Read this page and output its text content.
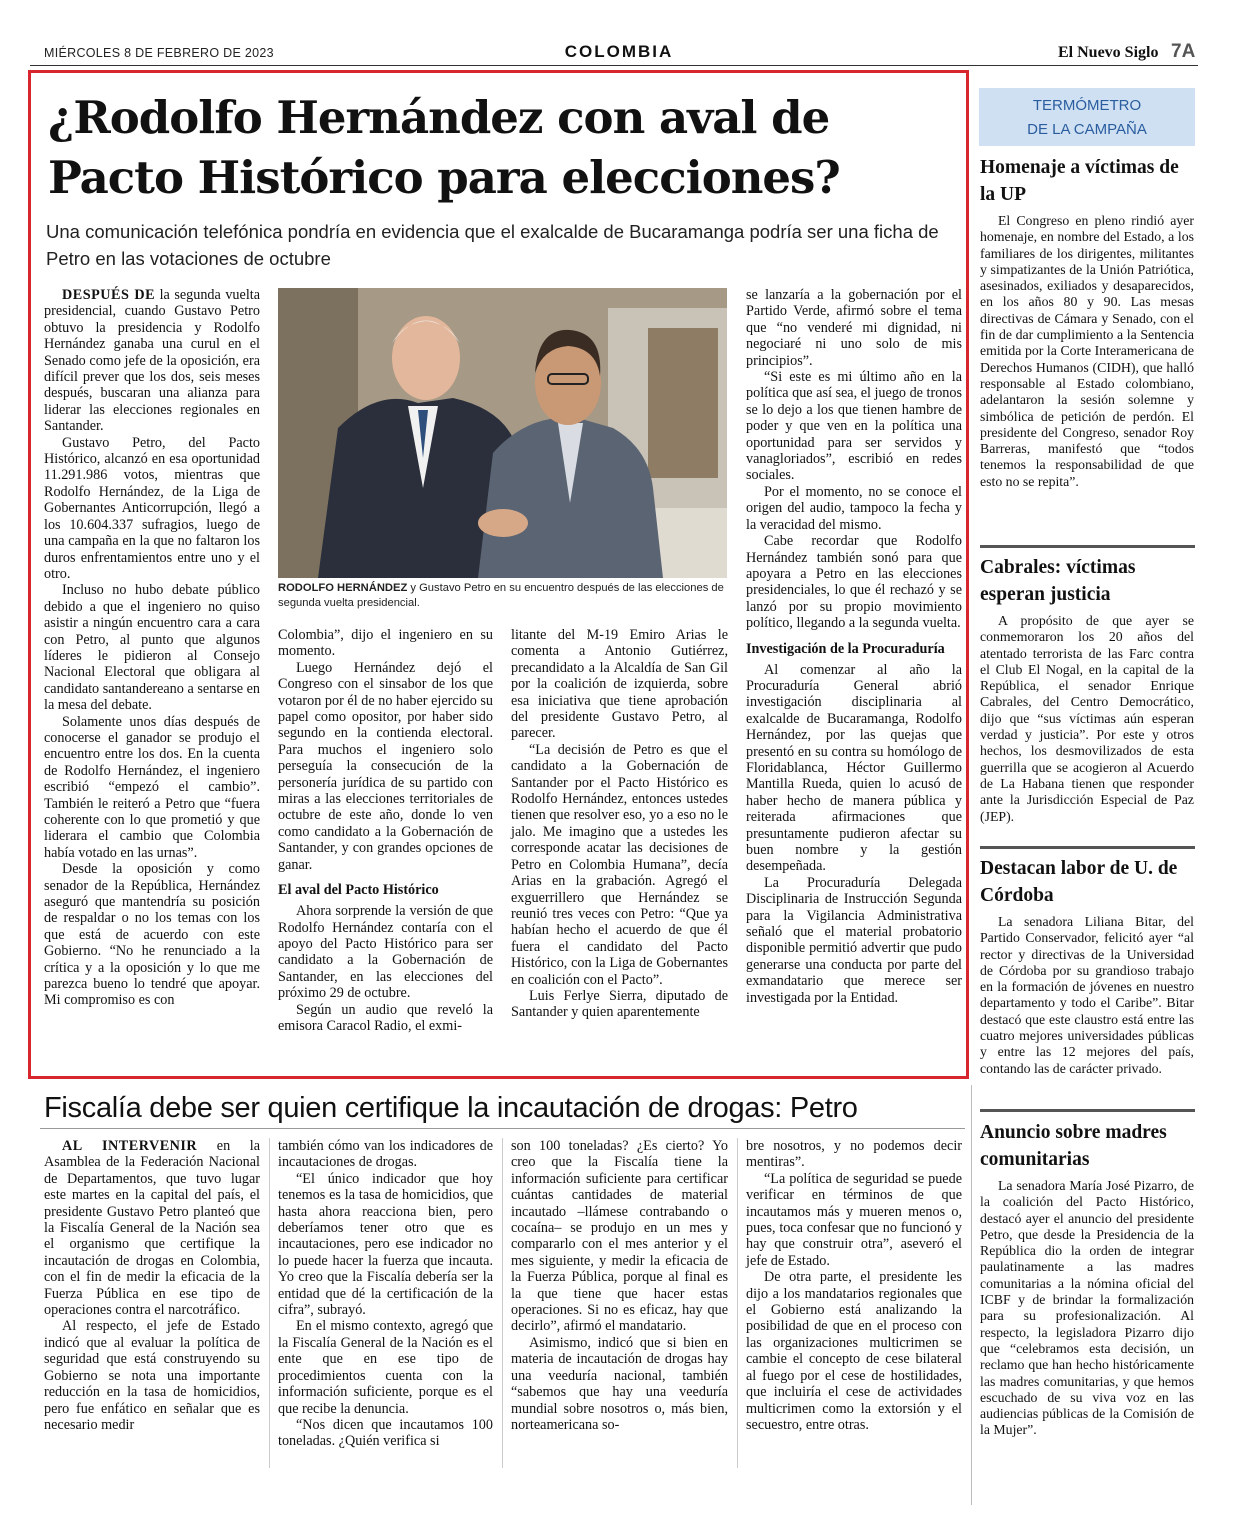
MIÉRCOLES 8 DE FEBRERO DE 2023	COLOMBIA	El Nuevo Siglo 7A
¿Rodolfo Hernández con aval de
Pacto Histórico para elecciones?
Una comunicación telefónica pondría en evidencia que el exalcalde de Bucaramanga podría ser una ficha de Petro en las votaciones de octubre

DESPUÉS DE la segunda vuelta presidencial, cuando Gustavo Petro obtuvo la presidencia y Rodolfo Hernández ganaba una curul en el Senado como jefe de la oposición, era difícil prever que los dos, seis meses después, buscaran una alianza para liderar las elecciones regionales en Santander.

Gustavo Petro, del Pacto Histórico, alcanzó en esa oportunidad 11.291.986 votos, mientras que Rodolfo Hernández, de la Liga de Gobernantes Anticorrupción, llegó a los 10.604.337 sufragios, luego de una campaña en la que no faltaron los duros enfrentamientos entre uno y el otro.

Incluso no hubo debate público debido a que el ingeniero no quiso asistir a ningún encuentro cara a cara con Petro, al punto que algunos líderes le pidieron al Consejo Nacional Electoral que obligara al candidato santandereano a sentarse en la mesa del debate.

Solamente unos días después de conocerse el ganador se produjo el encuentro entre los dos. En la cuenta de Rodolfo Hernández, el ingeniero escribió “empezó el cambio”. También le reiteró a Petro que “fuera coherente con lo que prometió y que liderara el cambio que Colombia había votado en las urnas”.

Desde la oposición y como senador de la República, Hernández aseguró que mantendría su posición de respaldar o no los temas con los que está de acuerdo con este Gobierno. “No he renunciado a la crítica y a la oposición y lo que me parezca bueno lo tendré que apoyar. Mi compromiso es con

RODOLFO HERNÁNDEZ y Gustavo Petro en su encuentro después de las elecciones de segunda vuelta presidencial.

Colombia”, dijo el ingeniero en su momento.

Luego Hernández dejó el Congreso con el sinsabor de los que votaron por él de no haber ejercido su papel como opositor, por haber sido segundo en la contienda electoral. Para muchos el ingeniero solo perseguía la consecución de la personería jurídica de su partido con miras a las elecciones territoriales de octubre de este año, donde lo ven como candidato a la Gobernación de Santander, y con grandes opciones de ganar.

El aval del Pacto Histórico

Ahora sorprende la versión de que Rodolfo Hernández contaría con el apoyo del Pacto Histórico para ser candidato a la Gobernación de Santander, en las elecciones del próximo 29 de octubre.

Según un audio que reveló la emisora Caracol Radio, el exmi-

litante del M-19 Emiro Arias le comenta a Antonio Gutiérrez, precandidato a la Alcaldía de San Gil por la coalición de izquierda, sobre esa iniciativa que tiene aprobación del presidente Gustavo Petro, al parecer.

“La decisión de Petro es que el candidato a la Gobernación de Santander por el Pacto Histórico es Rodolfo Hernández, entonces ustedes tienen que resolver eso, yo a eso no le jalo. Me imagino que a ustedes les corresponde acatar las decisiones de Petro en Colombia Humana”, decía Arias en la grabación. Agregó el exguerrillero que Hernández se reunió tres veces con Petro: “Que ya habían hecho el acuerdo de que él fuera el candidato del Pacto Histórico, con la Liga de Gobernantes en coalición con el Pacto”.

Luis Ferlye Sierra, diputado de Santander y quien aparentemente

se lanzaría a la gobernación por el Partido Verde, afirmó sobre el tema que “no venderé mi dignidad, ni negociaré ni uno solo de mis principios”.

“Si este es mi último año en la política que así sea, el juego de tronos se lo dejo a los que tienen hambre de poder y que ven en la política una oportunidad para ser servidos y vanagloriados”, escribió en redes sociales.

Por el momento, no se conoce el origen del audio, tampoco la fecha y la veracidad del mismo.

Cabe recordar que Rodolfo Hernández también sonó para que apoyara a Petro en las elecciones presidenciales, lo que él rechazó y se lanzó por su propio movimiento político, llegando a la segunda vuelta.

Investigación de la Procuraduría

Al comenzar al año la Procuraduría General abrió investigación disciplinaria al exalcalde de Bucaramanga, Rodolfo Hernández, por las quejas que presentó en su contra su homólogo de Floridablanca, Héctor Guillermo Mantilla Rueda, quien lo acusó de haber hecho de manera pública y reiterada afirmaciones que presuntamente pudieron afectar su buen nombre y la gestión desempeñada.

La Procuraduría Delegada Disciplinaria de Instrucción Segunda para la Vigilancia Administrativa señaló que el material probatorio disponible permitió advertir que pudo generarse una conducta por parte del exmandatario que merece ser investigada por la Entidad.

Fiscalía debe ser quien certifique la incautación de drogas: Petro

AL INTERVENIR en la Asamblea de la Federación Nacional de Departamentos, que tuvo lugar este martes en la capital del país, el presidente Gustavo Petro planteó que la Fiscalía General de la Nación sea el organismo que certifique la incautación de drogas en Colombia, con el fin de medir la eficacia de la Fuerza Pública en ese tipo de operaciones contra el narcotráfico.

Al respecto, el jefe de Estado indicó que al evaluar la política de seguridad que está construyendo su Gobierno se nota una importante reducción en la tasa de homicidios, pero fue enfático en señalar que es necesario medir

también cómo van los indicadores de incautaciones de drogas.

“El único indicador que hoy tenemos es la tasa de homicidios, que hasta ahora reacciona bien, pero deberíamos tener otro que es incautaciones, pero ese indicador no lo puede hacer la fuerza que incauta. Yo creo que la Fiscalía debería ser la entidad que dé la certificación de la cifra”, subrayó.

En el mismo contexto, agregó que la Fiscalía General de la Nación es el ente que en ese tipo de procedimientos cuenta con la información suficiente, porque es el que recibe la denuncia.

“Nos dicen que incautamos 100 toneladas. ¿Quién verifica si

son 100 toneladas? ¿Es cierto? Yo creo que la Fiscalía tiene la información suficiente para certificar cuántas cantidades de material incautado –llámese contrabando o cocaína– se produjo en un mes y compararlo con el mes anterior y el mes siguiente, y medir la eficacia de la Fuerza Pública, porque al final es la que tiene que hacer estas operaciones. Si no es eficaz, hay que decirlo”, afirmó el mandatario.

Asimismo, indicó que si bien en materia de incautación de drogas hay una veeduría nacional, también “sabemos que hay una veeduría mundial sobre nosotros o, más bien, norteamericana so-

bre nosotros, y no podemos decir mentiras”.

“La política de seguridad se puede verificar en términos de que incautamos más y mueren menos o, pues, toca confesar que no funcionó y hay que construir otra”, aseveró el jefe de Estado.

De otra parte, el presidente les dijo a los mandatarios regionales que el Gobierno está analizando la posibilidad de que en el proceso con las organizaciones multicrimen se cambie el concepto de cese bilateral al fuego por el cese de hostilidades, que incluiría el cese de actividades multicrimen como la extorsión y el secuestro, entre otras.

TERMÓMETRO
DE LA CAMPAÑA
Homenaje a víctimas de la UP

El Congreso en pleno rindió ayer homenaje, en nombre del Estado, a los familiares de los dirigentes, militantes y simpatizantes de la Unión Patriótica, asesinados, exiliados y desaparecidos, en los años 80 y 90. Las mesas directivas de Cámara y Senado, con el fin de dar cumplimiento a la Sentencia emitida por la Corte Interamericana de Derechos Humanos (CIDH), que halló responsable al Estado colombiano, adelantaron la sesión solemne y simbólica de petición de perdón. El presidente del Congreso, senador Roy Barreras, manifestó que “todos tenemos la responsabilidad de que esto no se repita”.

Cabrales: víctimas esperan justicia

A propósito de que ayer se conmemoraron los 20 años del atentado terrorista de las Farc contra el Club El Nogal, en la capital de la República, el senador Enrique Cabrales, del Centro Democrático, dijo que “sus víctimas aún esperan verdad y justicia”. Por este y otros hechos, los desmovilizados de esta guerrilla que se acogieron al Acuerdo de La Habana tienen que responder ante la Jurisdicción Especial de Paz (JEP).

Destacan labor de U. de Córdoba

La senadora Liliana Bitar, del Partido Conservador, felicitó ayer “al rector y directivas de la Universidad de Córdoba por su grandioso trabajo en la formación de jóvenes en nuestro departamento y todo el Caribe”. Bitar destacó que este claustro está entre las cuatro mejores universidades públicas y entre las 12 mejores del país, contando las de carácter privado.

Anuncio sobre madres comunitarias

La senadora María José Pizarro, de la coalición del Pacto Histórico, destacó ayer el anuncio del presidente Petro, que desde la Presidencia de la República dio la orden de integrar paulatinamente a las madres comunitarias a la nómina oficial del ICBF y de brindar la formalización para su profesionalización. Al respecto, la legisladora Pizarro dijo que “celebramos esta decisión, un reclamo que han hecho históricamente las madres comunitarias, y que hemos escuchado de su viva voz en las audiencias públicas de la Comisión de la Mujer”.
